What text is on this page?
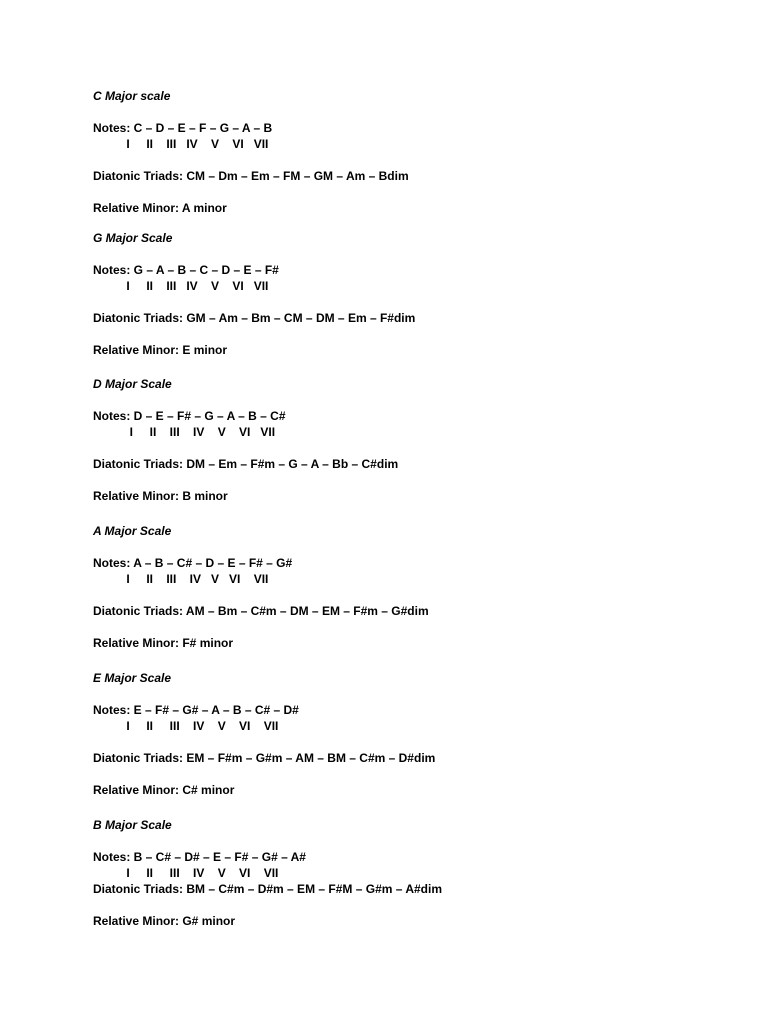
C Major scale
Notes: C – D – E – F – G – A – B
I     II    III   IV    V    VI   VII
Diatonic Triads: CM – Dm – Em – FM – GM – Am – Bdim
Relative Minor: A minor
G Major Scale
Notes: G – A – B – C – D – E – F#
I     II    III   IV    V    VI   VII
Diatonic Triads: GM – Am – Bm – CM – DM – Em – F#dim
Relative Minor: E minor
D Major Scale
Notes: D – E – F# – G – A – B – C#
I     II    III    IV    V    VI   VII
Diatonic Triads: DM – Em – F#m – G – A – Bb – C#dim
Relative Minor: B minor
A Major Scale
Notes: A – B – C# – D – E – F# – G#
I     II    III    IV   V   VI    VII
Diatonic Triads: AM – Bm – C#m – DM – EM – F#m – G#dim
Relative Minor: F# minor
E Major Scale
Notes: E – F# – G# – A – B – C# – D#
I     II     III    IV    V    VI    VII
Diatonic Triads: EM – F#m – G#m – AM – BM – C#m – D#dim
Relative Minor: C# minor
B Major Scale
Notes: B – C# – D# – E – F# – G# – A#
I     II     III    IV    V    VI    VII
Diatonic Triads: BM – C#m – D#m – EM – F#M – G#m – A#dim
Relative Minor: G# minor
